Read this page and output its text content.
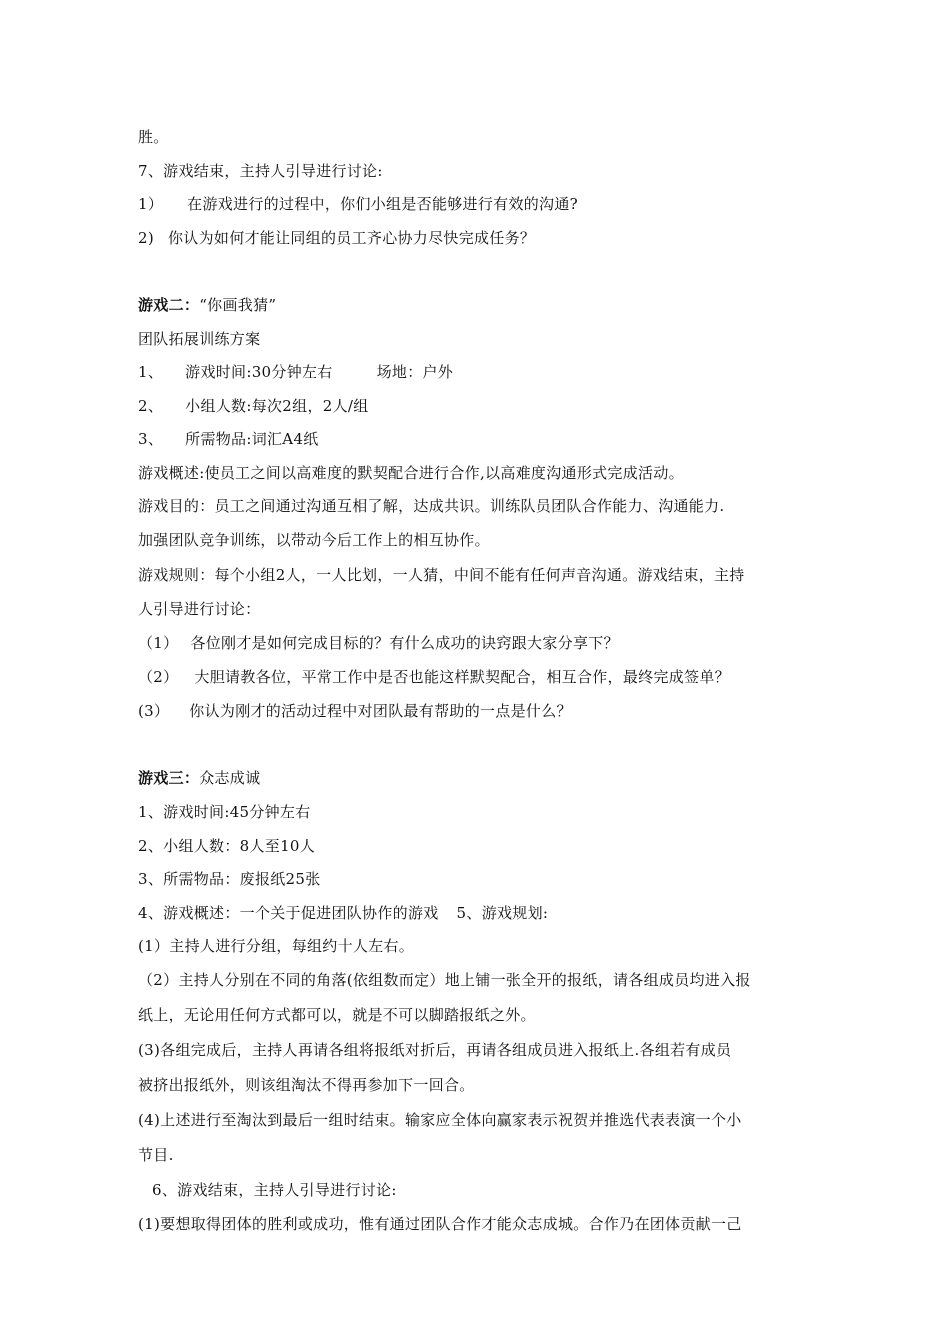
胜。
7、游戏结束，主持人引导进行讨论:
1） 在游戏进行的过程中，你们小组是否能够进行有效的沟通?
2) 你认为如何才能让同组的员工齐心协力尽快完成任务？
游戏二：“你画我猜”
团队拓展训练方案
1、 游戏时间:30分钟左右	场地：户外
2、 小组人数:每次2组，2人/组
3、 所需物品:词汇A4纸
游戏概述:使员工之间以高难度的默契配合进行合作,以高难度沟通形式完成活动。
游戏目的：员工之间通过沟通互相了解，达成共识。训练队员团队合作能力、沟通能力.
加强团队竞争训练，以带动今后工作上的相互协作。
游戏规则：每个小组2人，一人比划，一人猜，中间不能有任何声音沟通。游戏结束，主持
人引导进行讨论：
（1） 各位刚才是如何完成目标的？有什么成功的诀窍跟大家分享下？
（2） 大胆请教各位，平常工作中是否也能这样默契配合，相互合作，最终完成签单？
(3） 你认为刚才的活动过程中对团队最有帮助的一点是什么？
游戏三：众志成诚
1、游戏时间:45分钟左右
2、小组人数：8人至10人
3、所需物品：废报纸25张
4、游戏概述：一个关于促进团队协作的游戏 5、游戏规划:
(1）主持人进行分组，每组约十人左右。
（2）主持人分别在不同的角落(依组数而定）地上铺一张全开的报纸，请各组成员均进入报
纸上，无论用任何方式都可以，就是不可以脚踏报纸之外。
(3)各组完成后，主持人再请各组将报纸对折后，再请各组成员进入报纸上.各组若有成员
被挤出报纸外，则该组淘汰不得再参加下一回合。
(4)上述进行至淘汰到最后一组时结束。输家应全体向赢家表示祝贺并推选代表表演一个小
节目.
6、游戏结束，主持人引导进行讨论:
(1)要想取得团体的胜利或成功，惟有通过团队合作才能众志成城。合作乃在团体贡献一己
